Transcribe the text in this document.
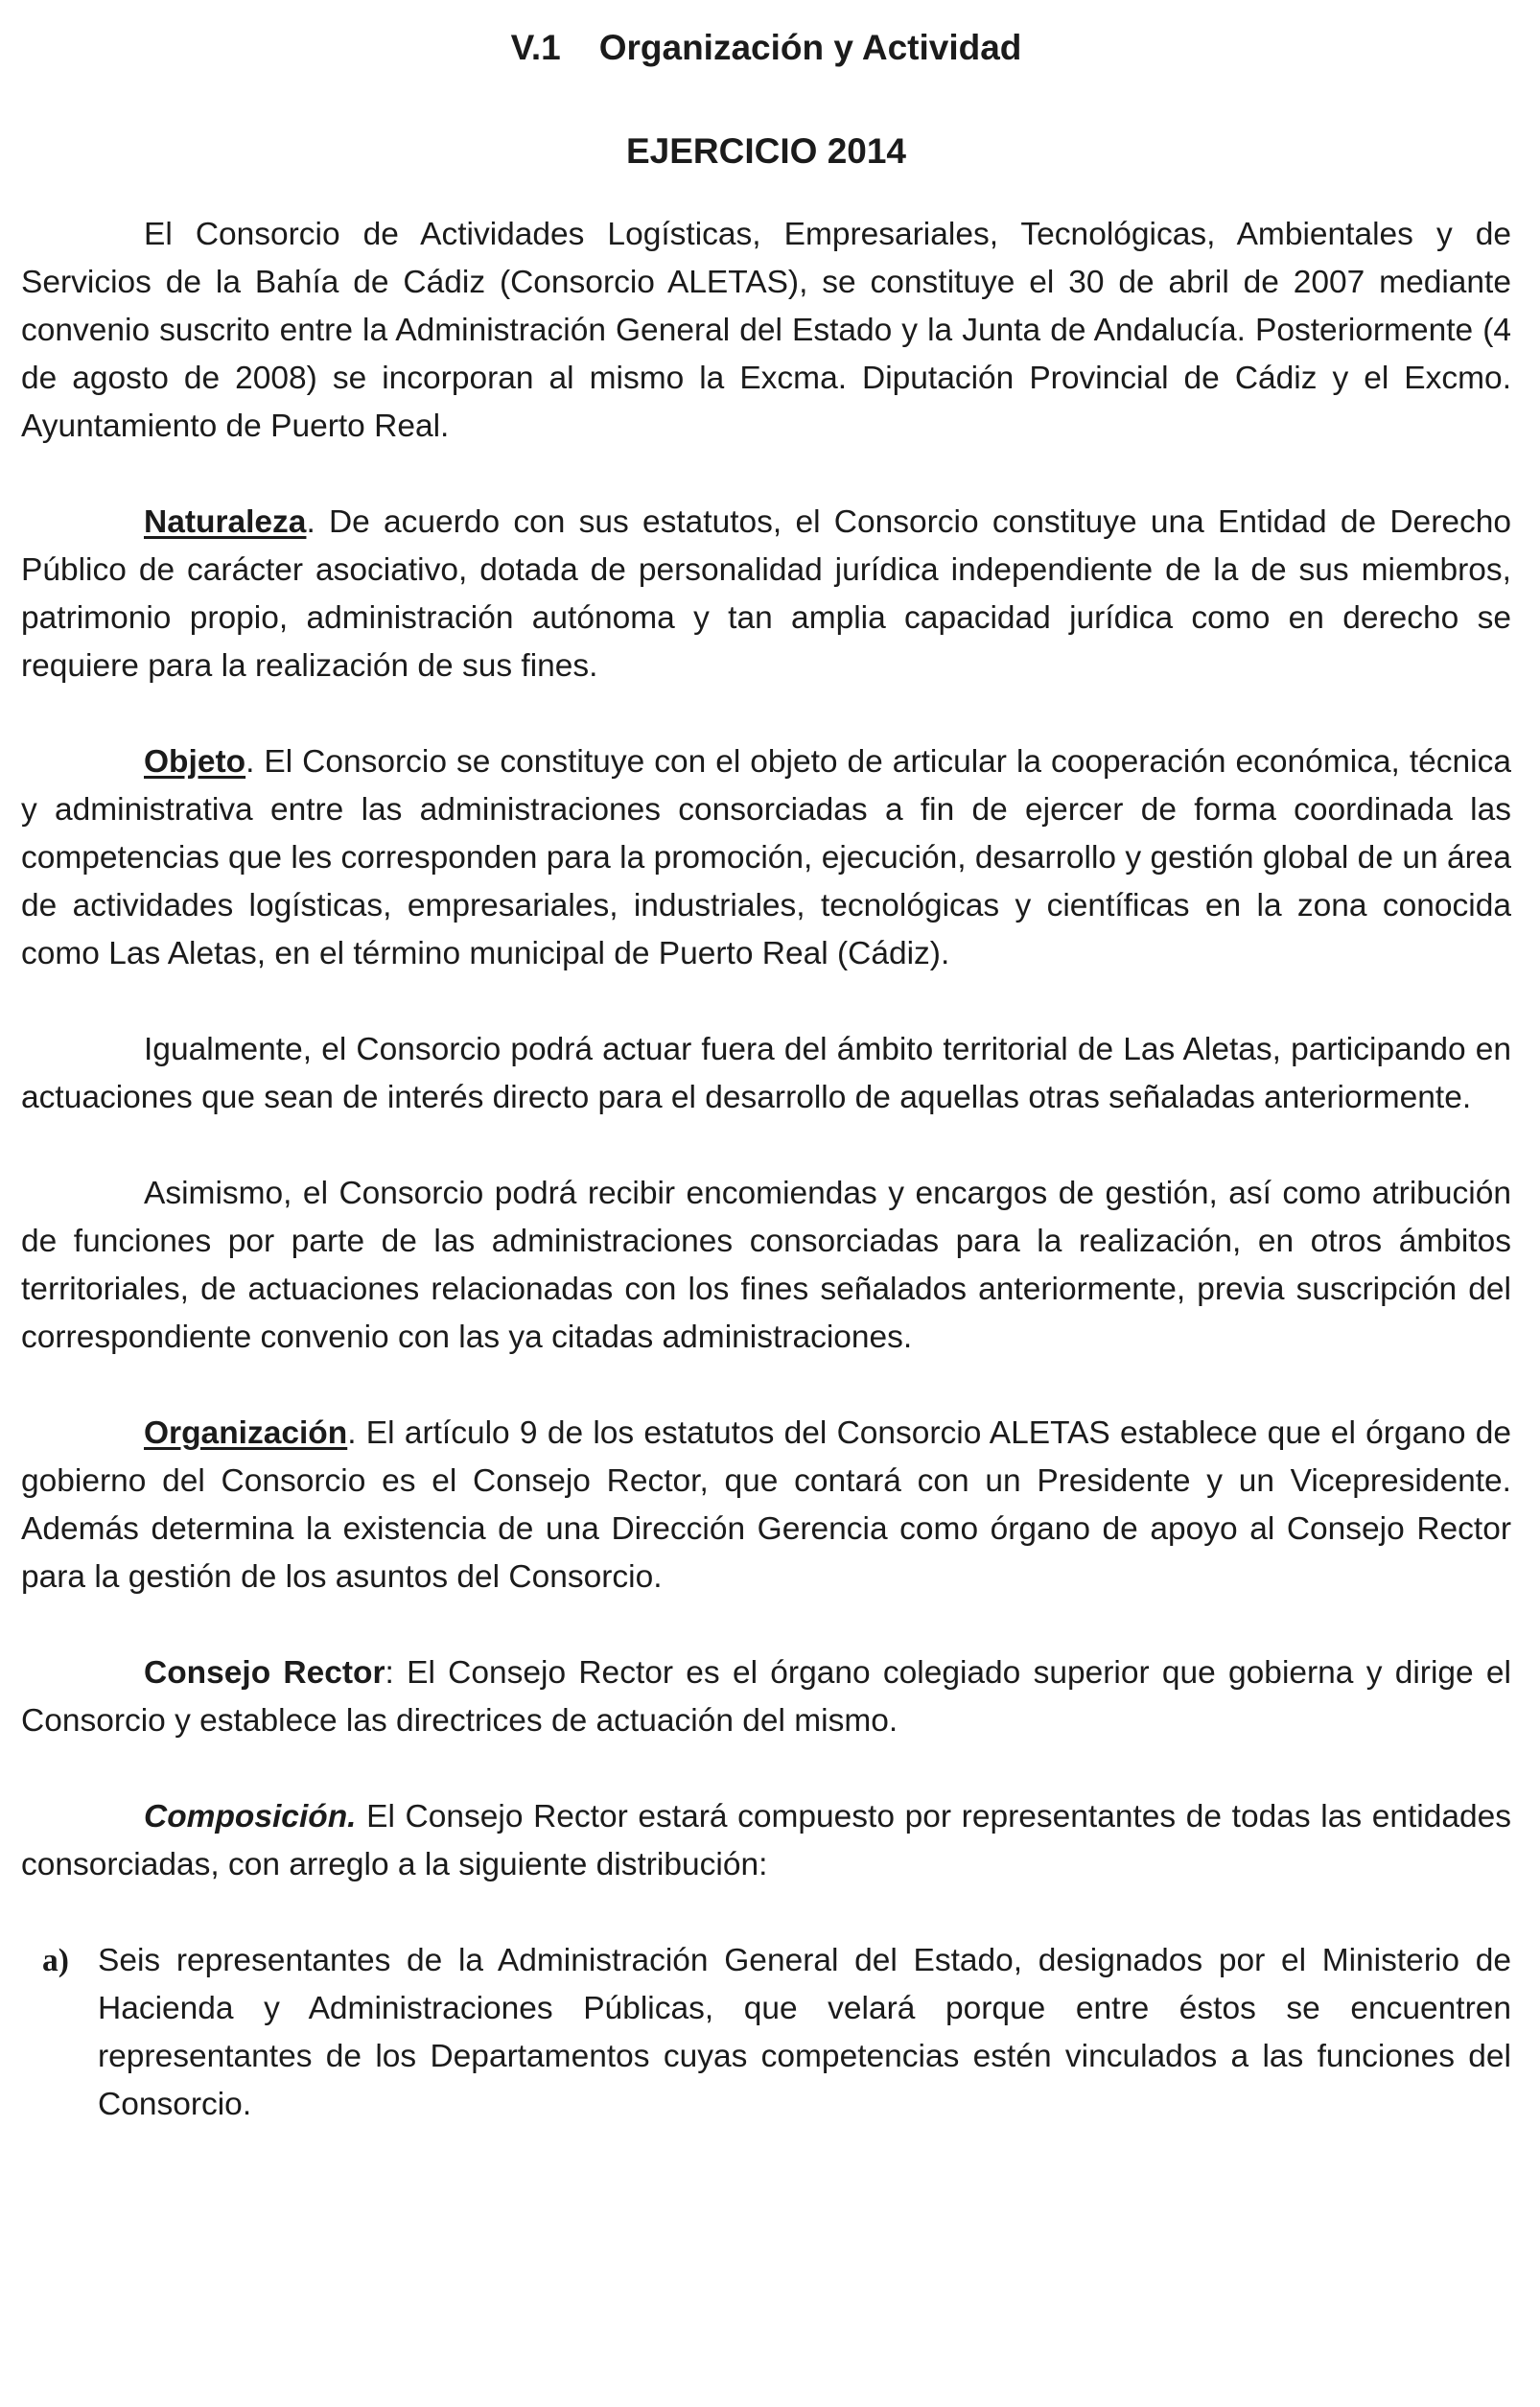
V.1 Organización y Actividad
EJERCICIO 2014

El Consorcio de Actividades Logísticas, Empresariales, Tecnológicas, Ambientales y de Servicios de la Bahía de Cádiz (Consorcio ALETAS), se constituye el 30 de abril de 2007 mediante convenio suscrito entre la Administración General del Estado y la Junta de Andalucía. Posteriormente (4 de agosto de 2008) se incorporan al mismo la Excma. Diputación Provincial de Cádiz y el Excmo. Ayuntamiento de Puerto Real.

Naturaleza. De acuerdo con sus estatutos, el Consorcio constituye una Entidad de Derecho Público de carácter asociativo, dotada de personalidad jurídica independiente de la de sus miembros, patrimonio propio, administración autónoma y tan amplia capacidad jurídica como en derecho se requiere para la realización de sus fines.

Objeto. El Consorcio se constituye con el objeto de articular la cooperación económica, técnica y administrativa entre las administraciones consorciadas a fin de ejercer de forma coordinada las competencias que les corresponden para la promoción, ejecución, desarrollo y gestión global de un área de actividades logísticas, empresariales, industriales, tecnológicas y científicas en la zona conocida como Las Aletas, en el término municipal de Puerto Real (Cádiz).

Igualmente, el Consorcio podrá actuar fuera del ámbito territorial de Las Aletas, participando en actuaciones que sean de interés directo para el desarrollo de aquellas otras señaladas anteriormente.

Asimismo, el Consorcio podrá recibir encomiendas y encargos de gestión, así como atribución de funciones por parte de las administraciones consorciadas para la realización, en otros ámbitos territoriales, de actuaciones relacionadas con los fines señalados anteriormente, previa suscripción del correspondiente convenio con las ya citadas administraciones.

Organización. El artículo 9 de los estatutos del Consorcio ALETAS establece que el órgano de gobierno del Consorcio es el Consejo Rector, que contará con un Presidente y un Vicepresidente. Además determina la existencia de una Dirección Gerencia como órgano de apoyo al Consejo Rector para la gestión de los asuntos del Consorcio.

Consejo Rector: El Consejo Rector es el órgano colegiado superior que gobierna y dirige el Consorcio y establece las directrices de actuación del mismo.

Composición. El Consejo Rector estará compuesto por representantes de todas las entidades consorciadas, con arreglo a la siguiente distribución:

a) Seis representantes de la Administración General del Estado, designados por el Ministerio de Hacienda y Administraciones Públicas, que velará porque entre éstos se encuentren representantes de los Departamentos cuyas competencias estén vinculados a las funciones del Consorcio.
